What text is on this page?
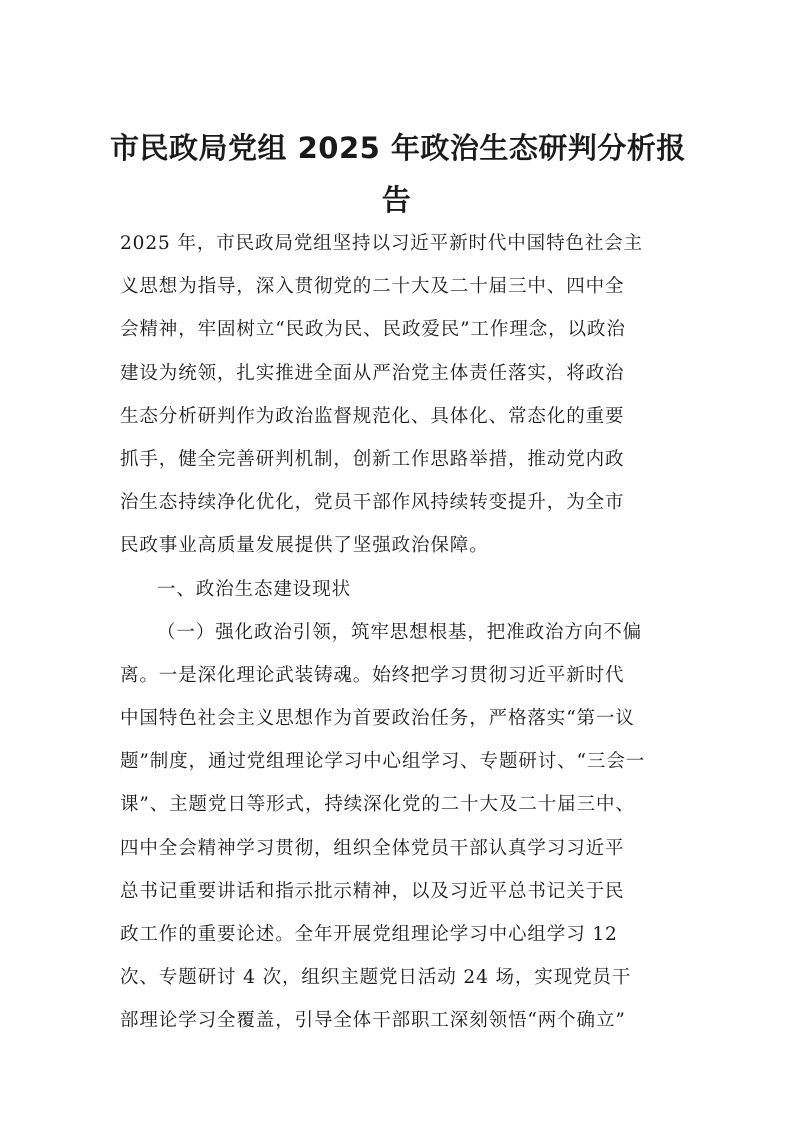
市民政局党组 2025 年政治生态研判分析报
告
2025 年，市民政局党组坚持以习近平新时代中国特色社会主
义思想为指导，深入贯彻党的二十大及二十届三中、四中全
会精神，牢固树立“民政为民、民政爱民”工作理念，以政治
建设为统领，扎实推进全面从严治党主体责任落实，将政治
生态分析研判作为政治监督规范化、具体化、常态化的重要
抓手，健全完善研判机制，创新工作思路举措，推动党内政
治生态持续净化优化，党员干部作风持续转变提升，为全市
民政事业高质量发展提供了坚强政治保障。
一、政治生态建设现状
（一）强化政治引领，筑牢思想根基，把准政治方向不偏
离。一是深化理论武装铸魂。始终把学习贯彻习近平新时代
中国特色社会主义思想作为首要政治任务，严格落实“第一议
题”制度，通过党组理论学习中心组学习、专题研讨、“三会一
课”、主题党日等形式，持续深化党的二十大及二十届三中、
四中全会精神学习贯彻，组织全体党员干部认真学习习近平
总书记重要讲话和指示批示精神，以及习近平总书记关于民
政工作的重要论述。全年开展党组理论学习中心组学习 12
次、专题研讨 4 次，组织主题党日活动 24 场，实现党员干
部理论学习全覆盖，引导全体干部职工深刻领悟“两个确立”
